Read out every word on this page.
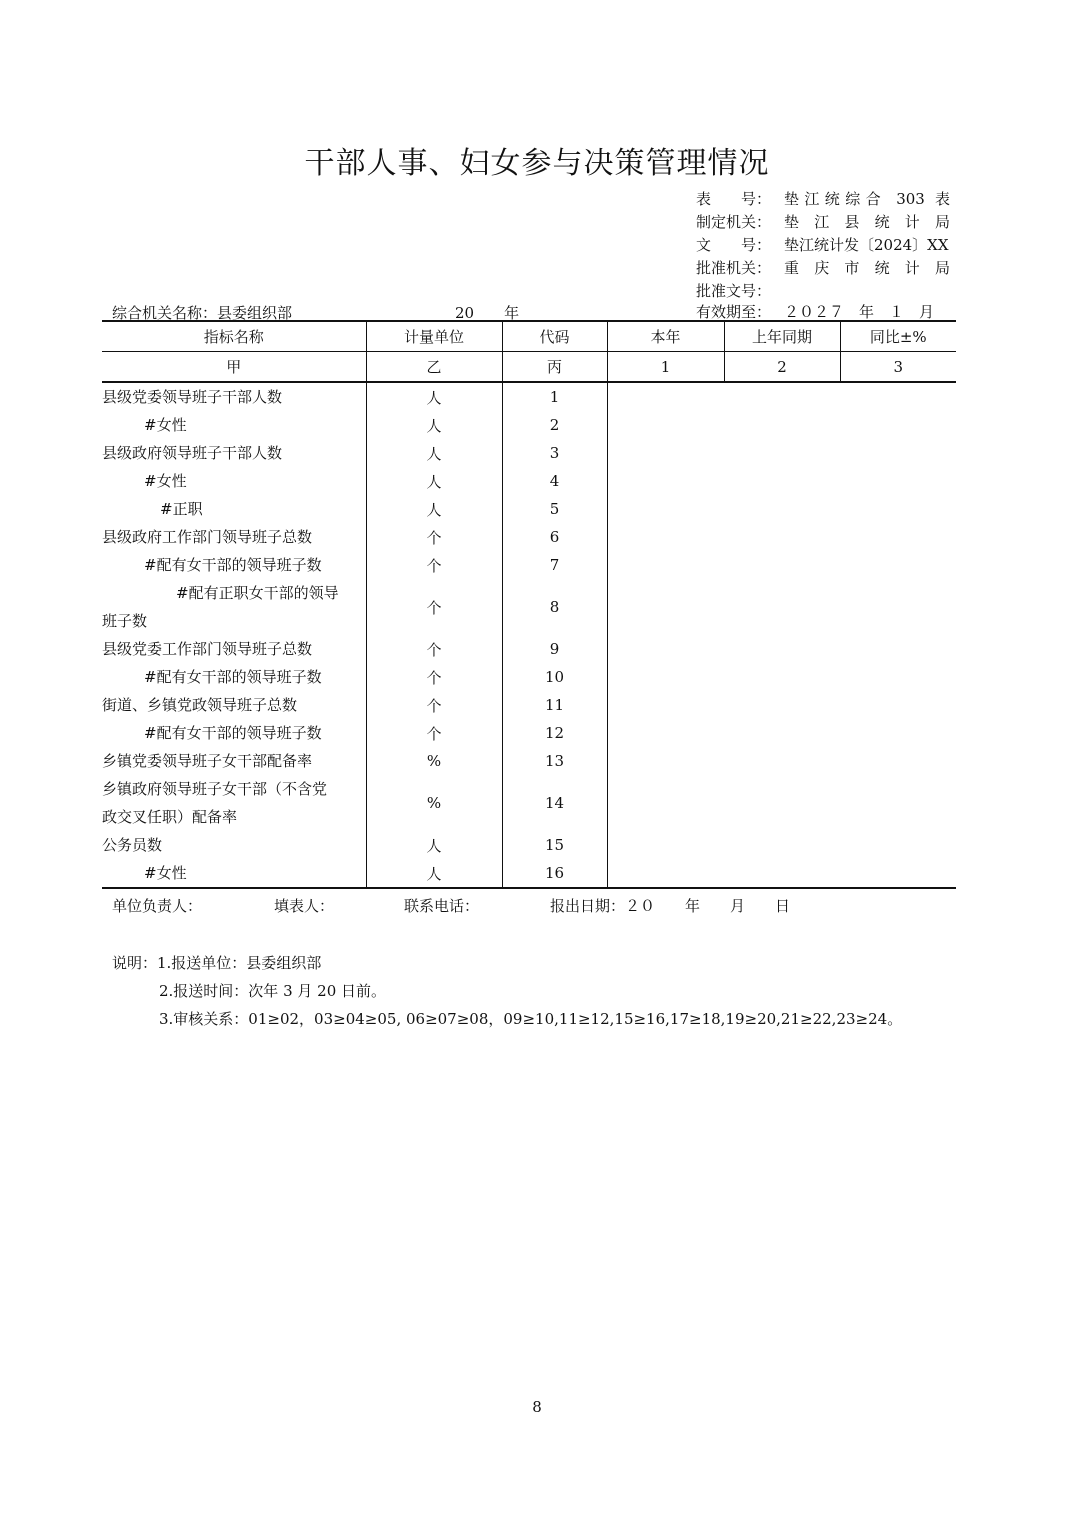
干部人事、妇女参与决策管理情况
表　　号： 垫江统综合 303 表
制定机关： 垫江县统计局
文　　号： 垫江统计发〔2024〕XX
批准机关： 重庆市统计局
批准文号：
综合机关名称：县委组织部	20　　年	有效期至： ２０２７　年　１　月
指标名称	计量单位	代码	本年	上年同期	同比±%
甲	乙	丙	1	2	3
县级党委领导班子干部人数	人	1			
#女性	人	2			
县级政府领导班子干部人数	人	3			
#女性	人	4			
#正职	人	5			
县级政府工作部门领导班子总数	个	6			
#配有女干部的领导班子数	个	7			

#配有正职女干部的领导
班子数	个	8			
县级党委工作部门领导班子总数	个	9			
#配有女干部的领导班子数	个	10			
街道、乡镇党政领导班子总数	个	11			
#配有女干部的领导班子数	个	12			
乡镇党委领导班子女干部配备率	%	13			

乡镇政府领导班子女干部（不含党
政交叉任职）配备率	%	14			
公务员数	人	15			
#女性	人	16			
单位负责人：	填表人：	联系电话：	报出日期：２０　　年　　月　　日
说明：1.报送单位：县委组织部
2.报送时间：次年 3 月 20 日前。
3.审核关系：01≥02，03≥04≥05, 06≥07≥08，09≥10,11≥12,15≥16,17≥18,19≥20,21≥22,23≥24。
8
